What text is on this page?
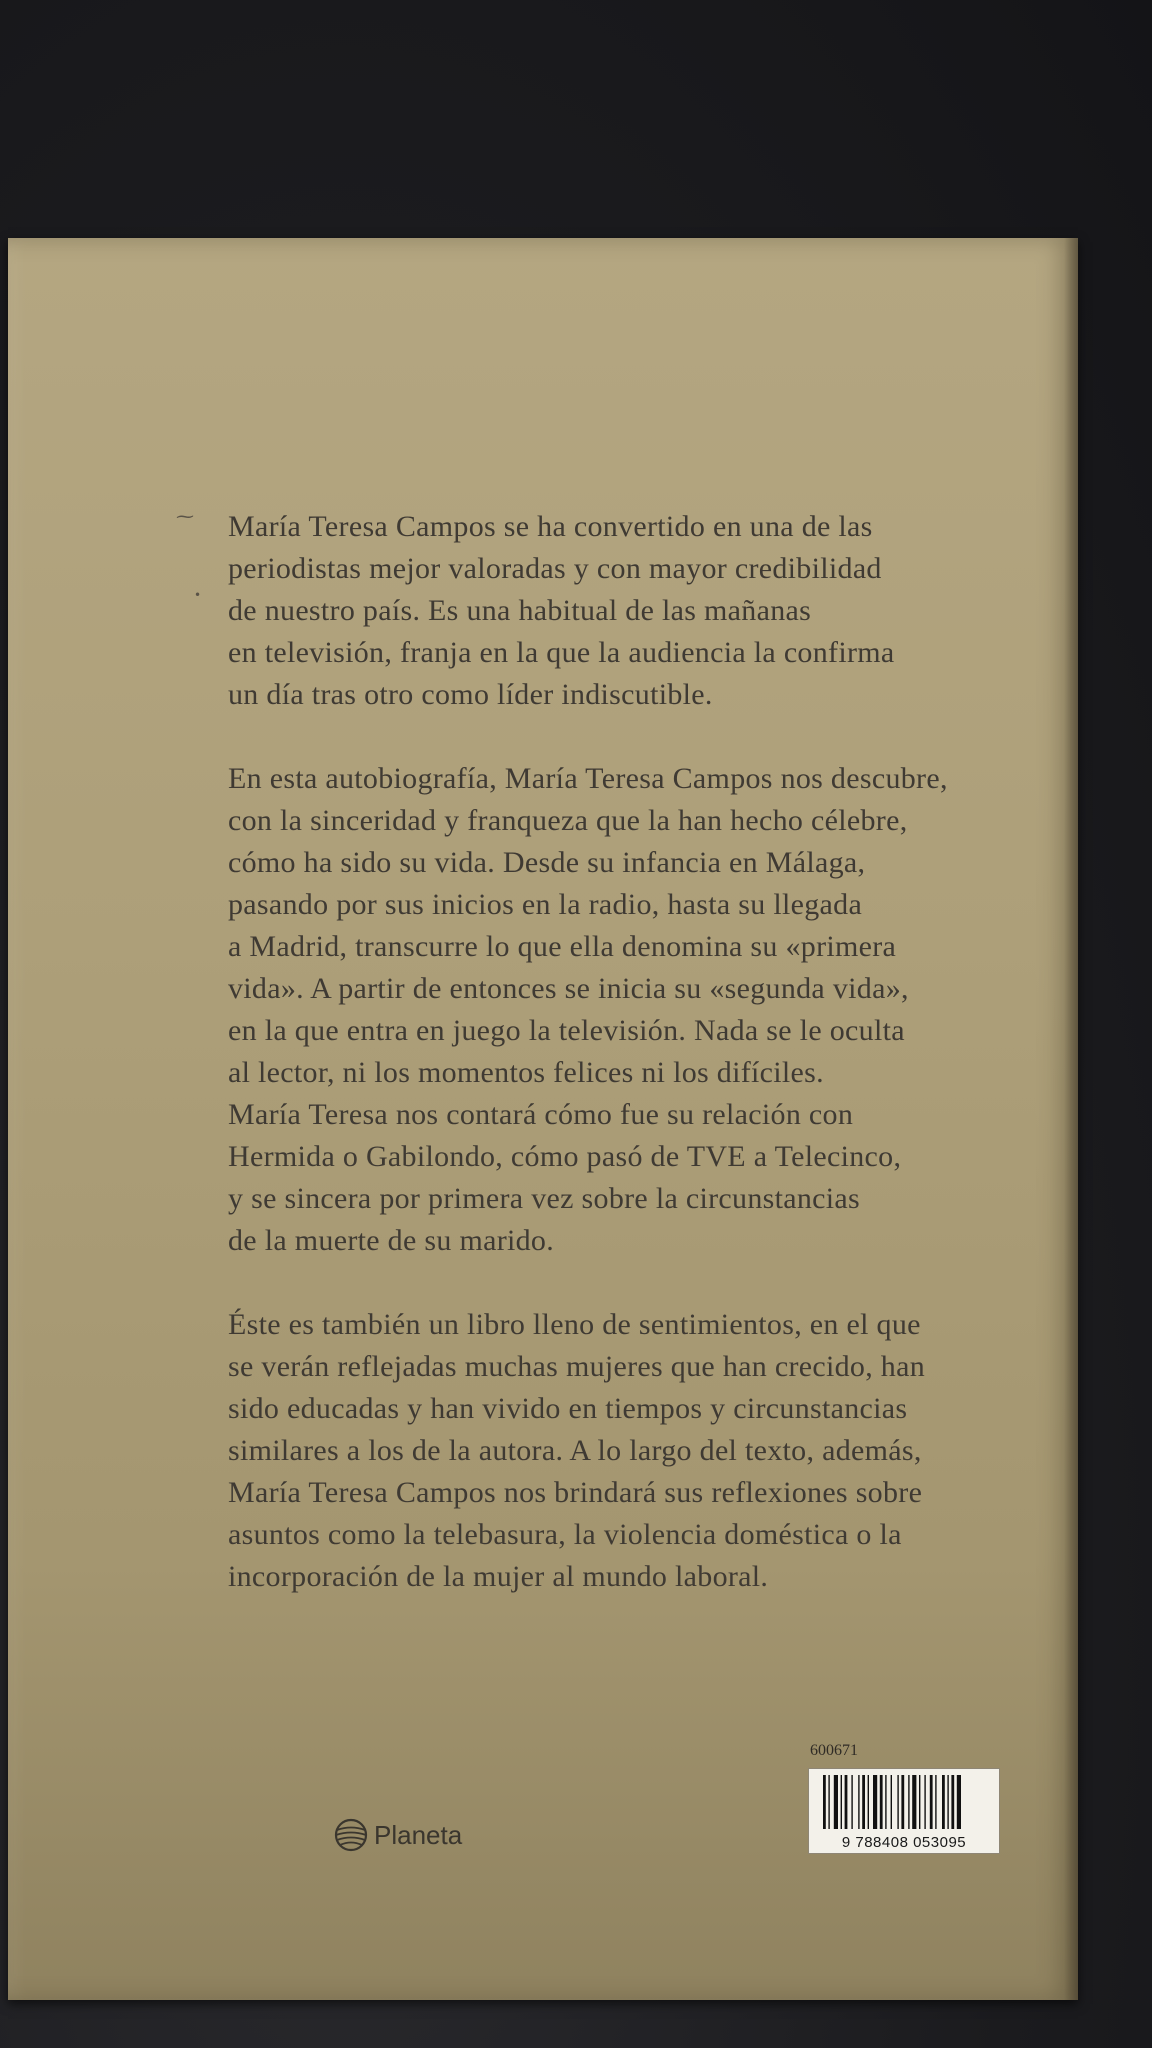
⁓
•

María Teresa Campos se ha convertido en una de las
periodistas mejor valoradas y con mayor credibilidad
de nuestro país. Es una habitual de las mañanas
en televisión, franja en la que la audiencia la confirma
un día tras otro como líder indiscutible.

En esta autobiografía, María Teresa Campos nos descubre,
con la sinceridad y franqueza que la han hecho célebre,
cómo ha sido su vida. Desde su infancia en Málaga,
pasando por sus inicios en la radio, hasta su llegada
a Madrid, transcurre lo que ella denomina su «primera
vida». A partir de entonces se inicia su «segunda vida»,
en la que entra en juego la televisión. Nada se le oculta
al lector, ni los momentos felices ni los difíciles.
María Teresa nos contará cómo fue su relación con
Hermida o Gabilondo, cómo pasó de TVE a Telecinco,
y se sincera por primera vez sobre la circunstancias
de la muerte de su marido.

Éste es también un libro lleno de sentimientos, en el que
se verán reflejadas muchas mujeres que han crecido, han
sido educadas y han vivido en tiempos y circunstancias
similares a los de la autora. A lo largo del texto, además,
María Teresa Campos nos brindará sus reflexiones sobre
asuntos como la telebasura, la violencia doméstica o la
incorporación de la mujer al mundo laboral.

Planeta
600671
9 788408 053095
